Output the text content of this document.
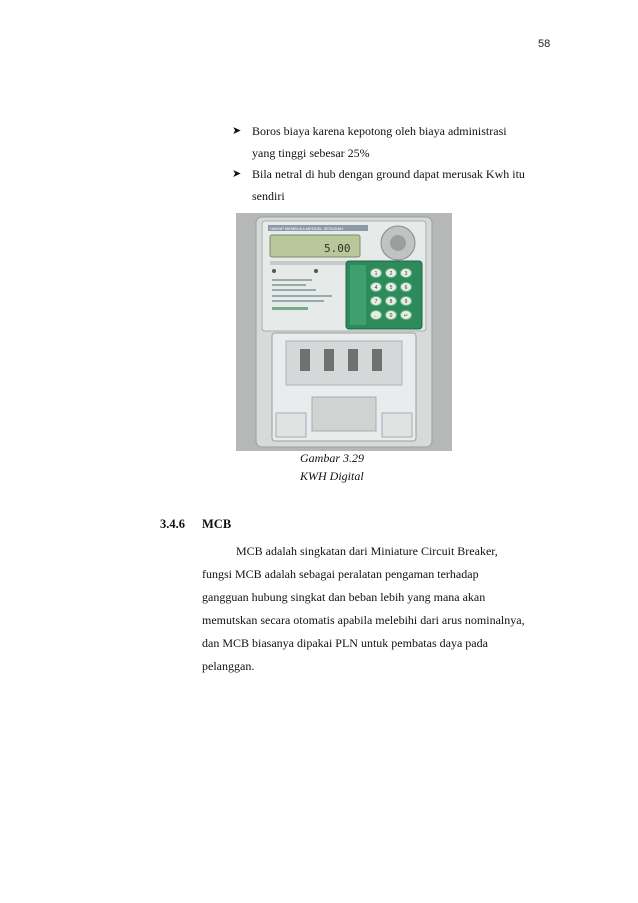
58
➤ Boros biaya karena kepotong oleh biaya administrasi
yang tinggi sebesar 25%
➤ Bila netral di hub dengan ground dapat merusak Kwh itu
sendiri
HARAP MEMBUKA MENDEL SESUDAH
5.00
1 2 3
4 5 6
7 8 9
← 0 ↵
Gambar 3.29
KWH Digital
3.4.6 MCB
MCB adalah singkatan dari Miniature Circuit Breaker,
fungsi MCB adalah sebagai peralatan pengaman terhadap
gangguan hubung singkat dan beban lebih yang mana akan
memutskan secara otomatis apabila melebihi dari arus nominalnya,
dan MCB biasanya dipakai PLN untuk pembatas daya pada
pelanggan.
